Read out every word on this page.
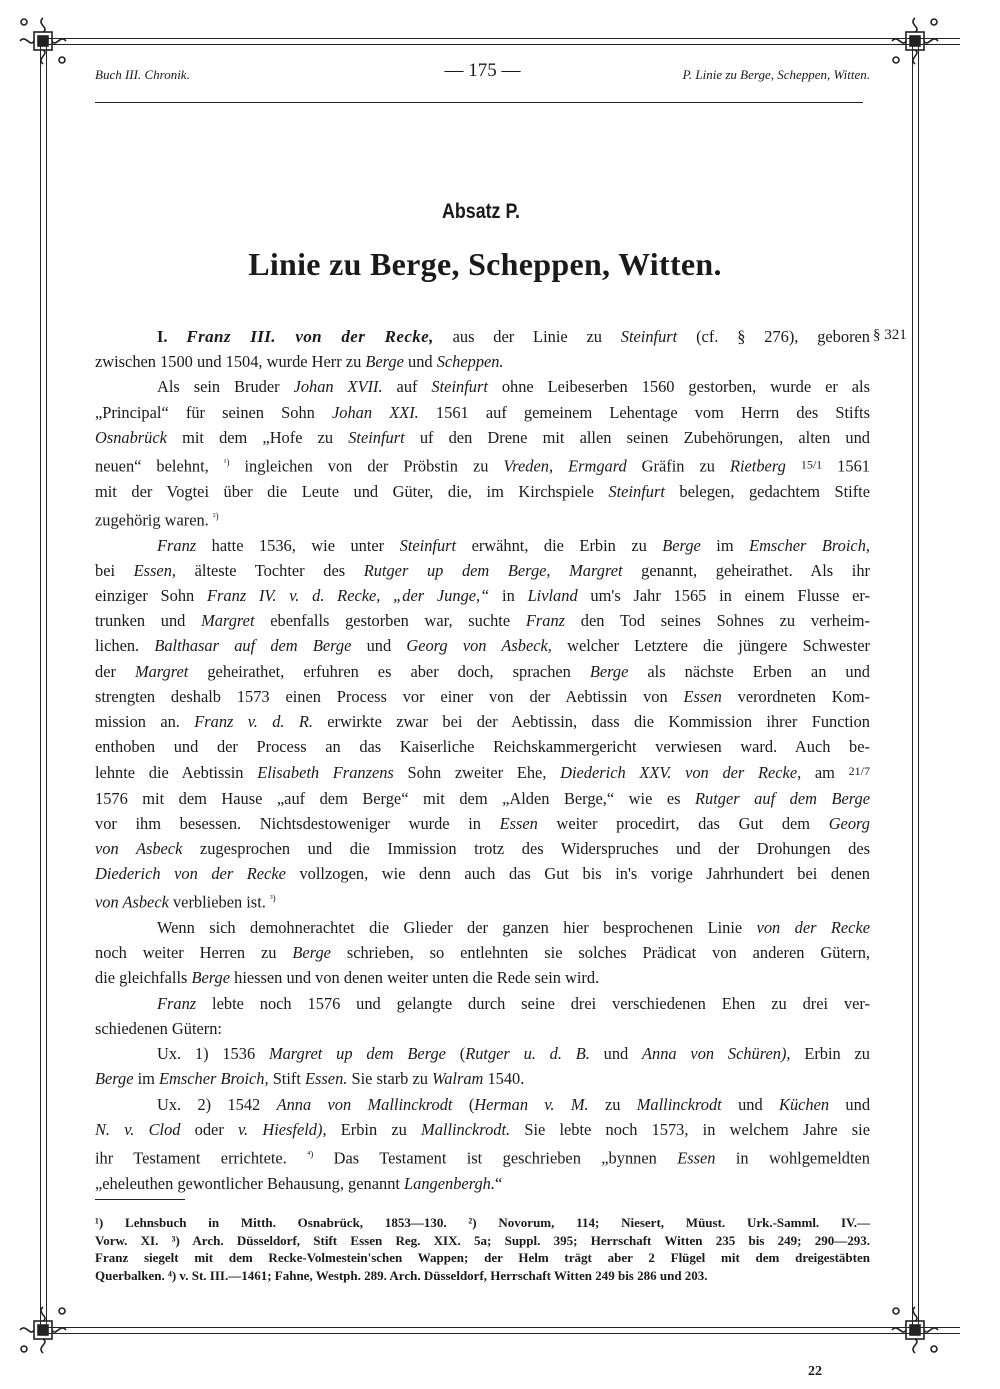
Buch III. Chronik.	— 175 —	P. Linie zu Berge, Scheppen, Witten.
Absatz P.
Linie zu Berge, Scheppen, Witten.
§ 321

I. Franz III. von der Recke, aus der Linie zu Steinfurt (cf. § 276), geboren

zwischen 1500 und 1504, wurde Herr zu Berge und Scheppen.

Als sein Bruder Johan XVII. auf Steinfurt ohne Leibeserben 1560 gestorben, wurde er als

„Principal“ für seinen Sohn Johan XXI. 1561 auf gemeinem Lehentage vom Herrn des Stifts
Osnabrück mit dem „Hofe zu Steinfurt uf den Drene mit allen seinen Zubehörungen, alten und
neuen“ belehnt, $^{^1)}$ ingleichen von der Pröbstin zu Vreden, Ermgard Gräfin zu Rietberg 15/1 1561
mit der Vogtei über die Leute und Güter, die, im Kirchspiele Steinfurt belegen, gedachtem Stifte
zugehörig waren. $^{^2)}$

Franz hatte 1536, wie unter Steinfurt erwähnt, die Erbin zu Berge im Emscher Broich,

bei Essen, älteste Tochter des Rutger up dem Berge, Margret genannt, geheirathet. Als ihr
einziger Sohn Franz IV. v. d. Recke, „der Junge,“ in Livland um's Jahr 1565 in einem Flusse er-
trunken und Margret ebenfalls gestorben war, suchte Franz den Tod seines Sohnes zu verheim-
lichen. Balthasar auf dem Berge und Georg von Asbeck, welcher Letztere die jüngere Schwester
der Margret geheirathet, erfuhren es aber doch, sprachen Berge als nächste Erben an und
strengten deshalb 1573 einen Process vor einer von der Aebtissin von Essen verordneten Kom-
mission an. Franz v. d. R. erwirkte zwar bei der Aebtissin, dass die Kommission ihrer Function
enthoben und der Process an das Kaiserliche Reichskammergericht verwiesen ward. Auch be-
lehnte die Aebtissin Elisabeth Franzens Sohn zweiter Ehe, Diederich XXV. von der Recke, am 21/7
1576 mit dem Hause „auf dem Berge“ mit dem „Alden Berge,“ wie es Rutger auf dem Berge
vor ihm besessen. Nichtsdestoweniger wurde in Essen weiter procedirt, das Gut dem Georg
von Asbeck zugesprochen und die Immission trotz des Widerspruches und der Drohungen des
Diederich von der Recke vollzogen, wie denn auch das Gut bis in's vorige Jahrhundert bei denen
von Asbeck verblieben ist. $^{^3)}$

Wenn sich demohnerachtet die Glieder der ganzen hier besprochenen Linie von der Recke

noch weiter Herren zu Berge schrieben, so entlehnten sie solches Prädicat von anderen Gütern,
die gleichfalls Berge hiessen und von denen weiter unten die Rede sein wird.

Franz lebte noch 1576 und gelangte durch seine drei verschiedenen Ehen zu drei ver-

schiedenen Gütern:

Ux. 1) 1536 Margret up dem Berge (Rutger u. d. B. und Anna von Schüren), Erbin zu

Berge im Emscher Broich, Stift Essen. Sie starb zu Walram 1540.

Ux. 2) 1542 Anna von Mallinckrodt (Herman v. M. zu Mallinckrodt und Küchen und

N. v. Clod oder v. Hiesfeld), Erbin zu Mallinckrodt. Sie lebte noch 1573, in welchem Jahre sie
ihr Testament errichtete. $^{^4)}$ Das Testament ist geschrieben „bynnen Essen in wohlgemeldten
„eheleuthen gewontlicher Behausung, genannt Langenbergh.“
¹) Lehnsbuch in Mitth. Osnabrück, 1853—130. ²) Novorum, 114; Niesert, Müust. Urk.-Samml. IV.—
Vorw. XI. ³) Arch. Düsseldorf, Stift Essen Reg. XIX. 5a; Suppl. 395; Herrschaft Witten 235 bis 249; 290—293.
Franz siegelt mit dem Recke-Volmestein'schen Wappen; der Helm trägt aber 2 Flügel mit dem dreigestäbten
Querbalken. ⁴) v. St. III.—1461; Fahne, Westph. 289. Arch. Düsseldorf, Herrschaft Witten 249 bis 286 und 203.
22
